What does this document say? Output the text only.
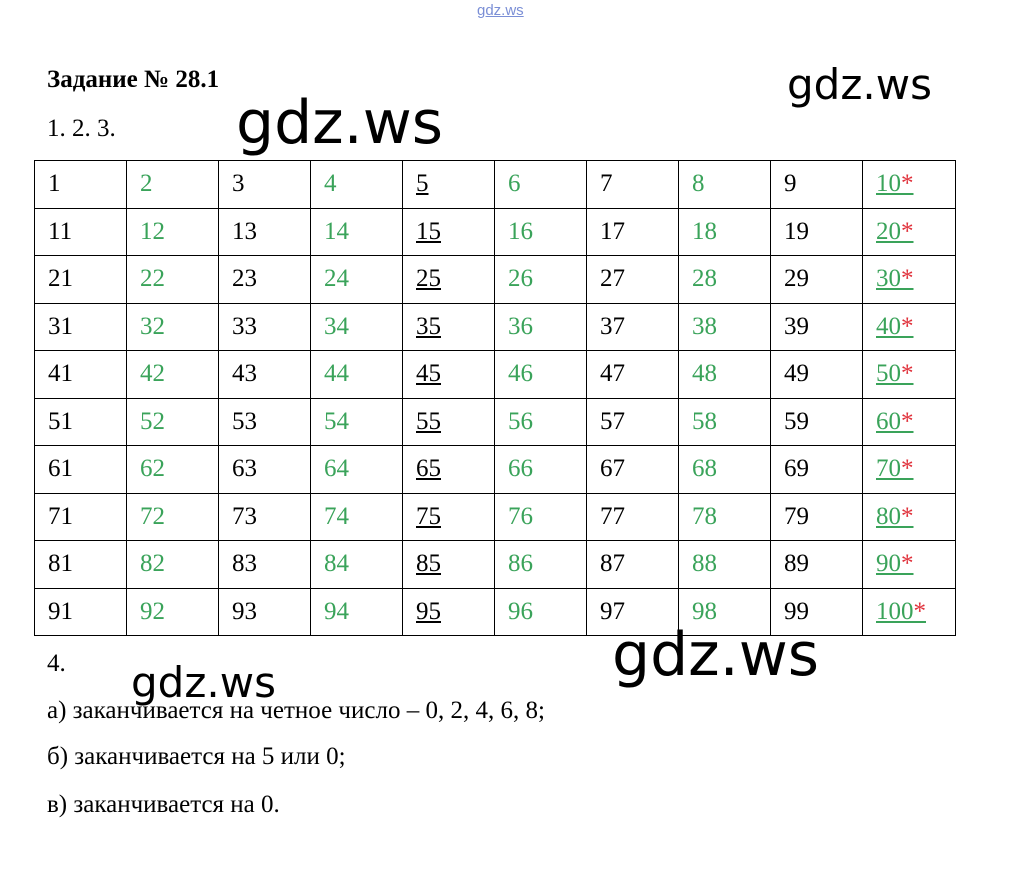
gdz.ws
Задание № 28.1
1. 2. 3.
gdz.ws
gdz.ws
1	2	3	4	5	6	7	8	9	10*
11	12	13	14	15	16	17	18	19	20*
21	22	23	24	25	26	27	28	29	30*
31	32	33	34	35	36	37	38	39	40*
41	42	43	44	45	46	47	48	49	50*
51	52	53	54	55	56	57	58	59	60*
61	62	63	64	65	66	67	68	69	70*
71	72	73	74	75	76	77	78	79	80*
81	82	83	84	85	86	87	88	89	90*
91	92	93	94	95	96	97	98	99	100*
gdz.ws
gdz.ws
4.
а) заканчивается на четное число – 0, 2, 4, 6, 8;
б) заканчивается на 5 или 0;
в) заканчивается на 0.
